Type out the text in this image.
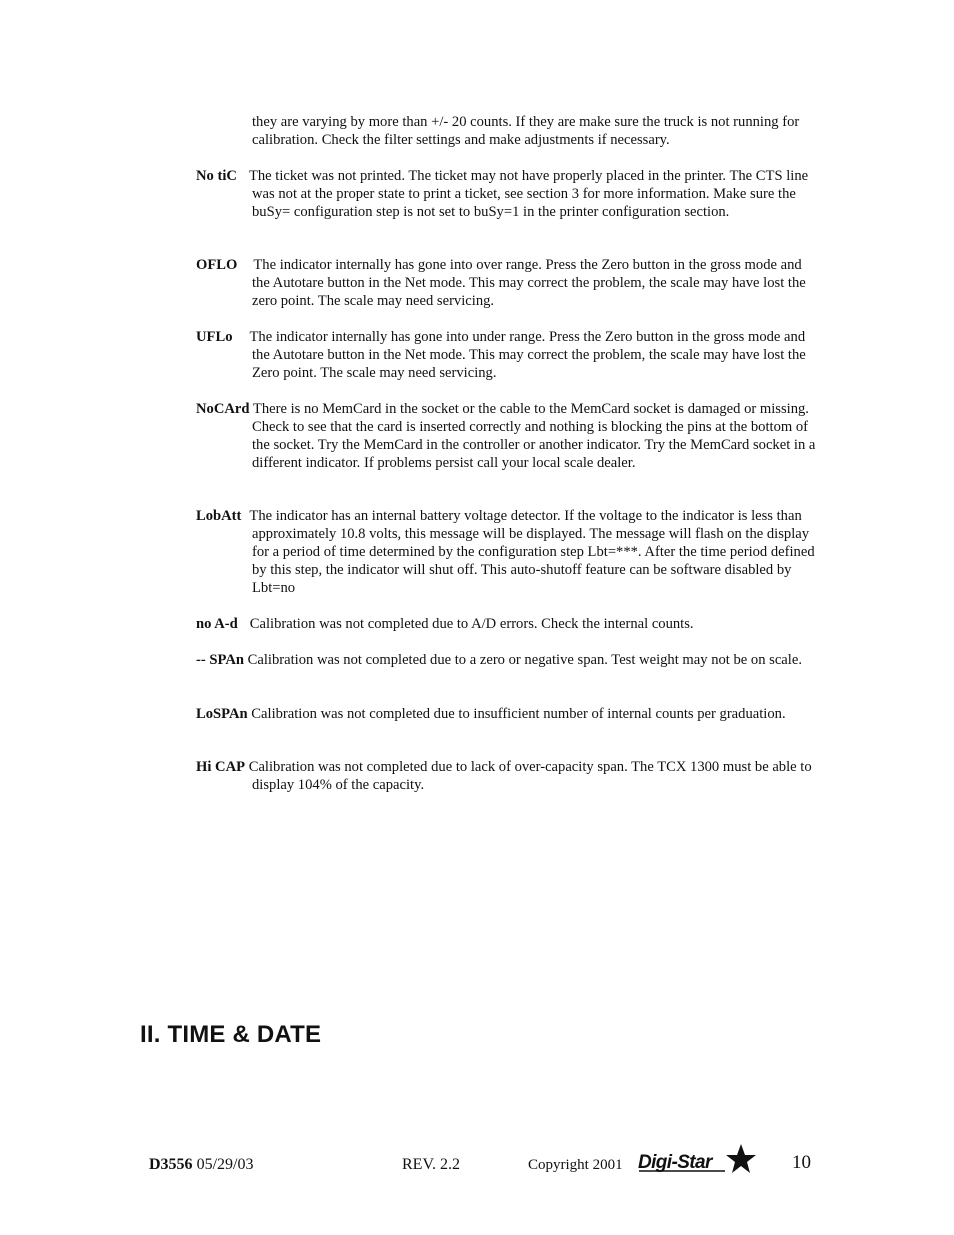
they are varying by more than +/- 20 counts. If they are make sure the truck is not running for calibration. Check the filter settings and make adjustments if necessary.

No tiC The ticket was not printed. The ticket may not have properly placed in the printer. The CTS line was not at the proper state to print a ticket, see section 3 for more information. Make sure the buSy= configuration step is not set to buSy=1 in the printer configuration section.

OFLO The indicator internally has gone into over range. Press the Zero button in the gross mode and the Autotare button in the Net mode. This may correct the problem, the scale may have lost the zero point. The scale may need servicing.

UFLo The indicator internally has gone into under range. Press the Zero button in the gross mode and the Autotare button in the Net mode. This may correct the problem, the scale may have lost the Zero point. The scale may need servicing.

NoCArd There is no MemCard in the socket or the cable to the MemCard socket is damaged or missing. Check to see that the card is inserted correctly and nothing is blocking the pins at the bottom of the socket. Try the MemCard in the controller or another indicator. Try the MemCard socket in a different indicator. If problems persist call your local scale dealer.

LobAtt The indicator has an internal battery voltage detector. If the voltage to the indicator is less than approximately 10.8 volts, this message will be displayed. The message will flash on the display for a period of time determined by the configuration step Lbt=***. After the time period defined by this step, the indicator will shut off. This auto-shutoff feature can be software disabled by Lbt=no

no A-d Calibration was not completed due to A/D errors. Check the internal counts.

-- SPAn Calibration was not completed due to a zero or negative span. Test weight may not be on scale.

LoSPAn Calibration was not completed due to insufficient number of internal counts per graduation.

Hi CAP Calibration was not completed due to lack of over-capacity span. The TCX 1300 must be able to display 104% of the capacity.

II. TIME & DATE
D3556 05/29/03	REV. 2.2	Copyright 2001 Digi-Star	10
